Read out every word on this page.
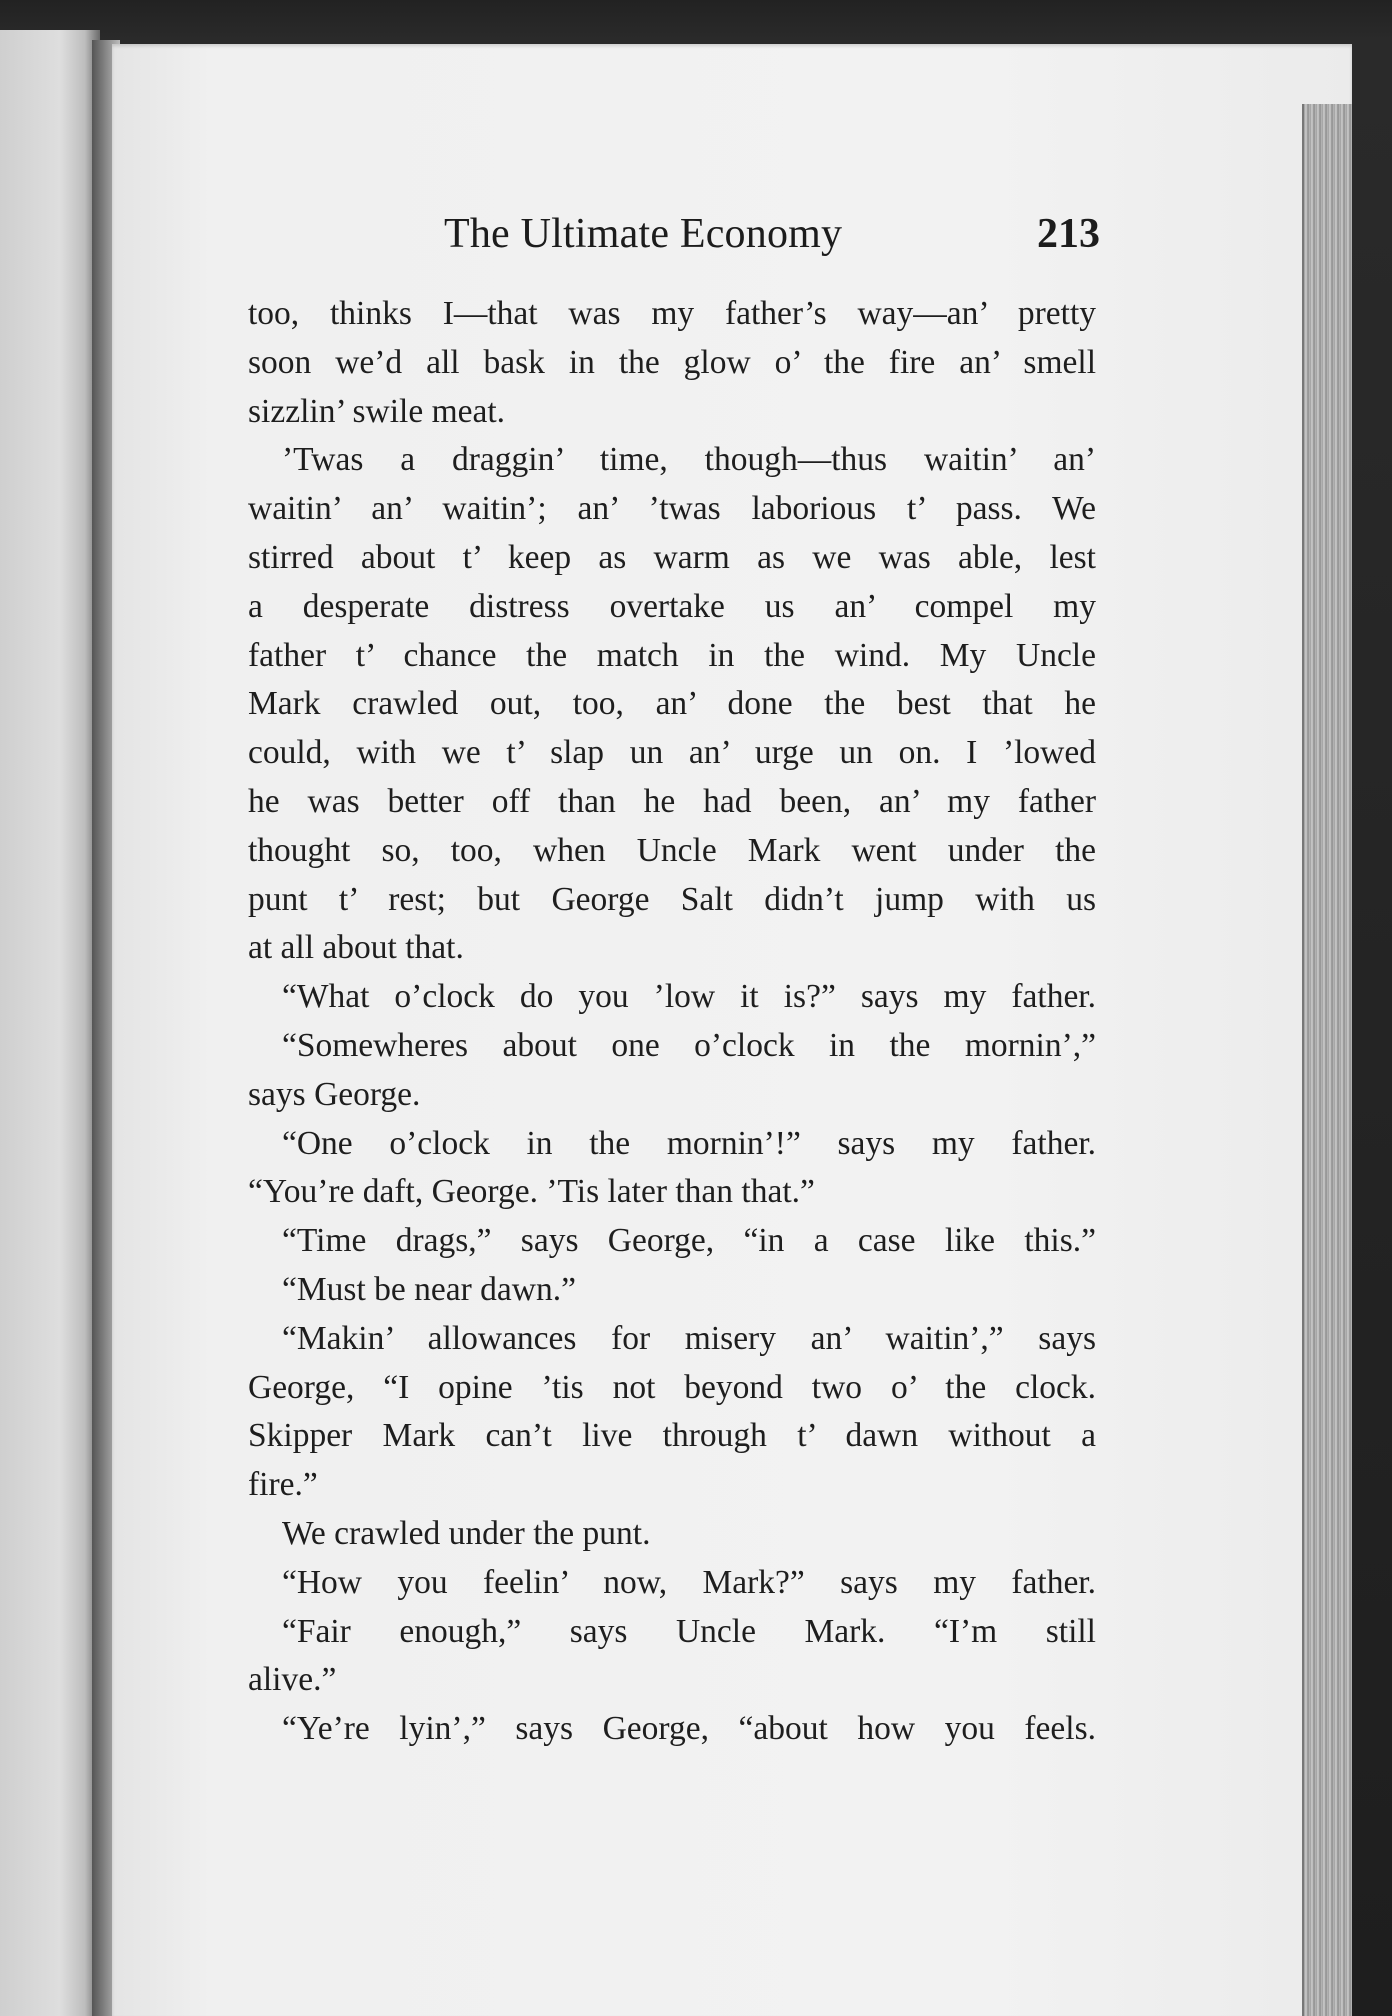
The Ultimate Economy	213
too, thinks I—that was my father’s way—an’ pretty
soon we’d all bask in the glow o’ the fire an’ smell
sizzlin’ swile meat.
’Twas a draggin’ time, though—thus waitin’ an’
waitin’ an’ waitin’; an’ ’twas laborious t’ pass. We
stirred about t’ keep as warm as we was able, lest
a desperate distress overtake us an’ compel my
father t’ chance the match in the wind. My Uncle
Mark crawled out, too, an’ done the best that he
could, with we t’ slap un an’ urge un on. I ’lowed
he was better off than he had been, an’ my father
thought so, too, when Uncle Mark went under the
punt t’ rest; but George Salt didn’t jump with us
at all about that.
“What o’clock do you ’low it is?” says my father.
“Somewheres about one o’clock in the mornin’,”
says George.
“One o’clock in the mornin’!” says my father.
“You’re daft, George. ’Tis later than that.”
“Time drags,” says George, “in a case like this.”
“Must be near dawn.”
“Makin’ allowances for misery an’ waitin’,” says
George, “I opine ’tis not beyond two o’ the clock.
Skipper Mark can’t live through t’ dawn without a
fire.”
We crawled under the punt.
“How you feelin’ now, Mark?” says my father.
“Fair enough,” says Uncle Mark. “I’m still
alive.”
“Ye’re lyin’,” says George, “about how you feels.
